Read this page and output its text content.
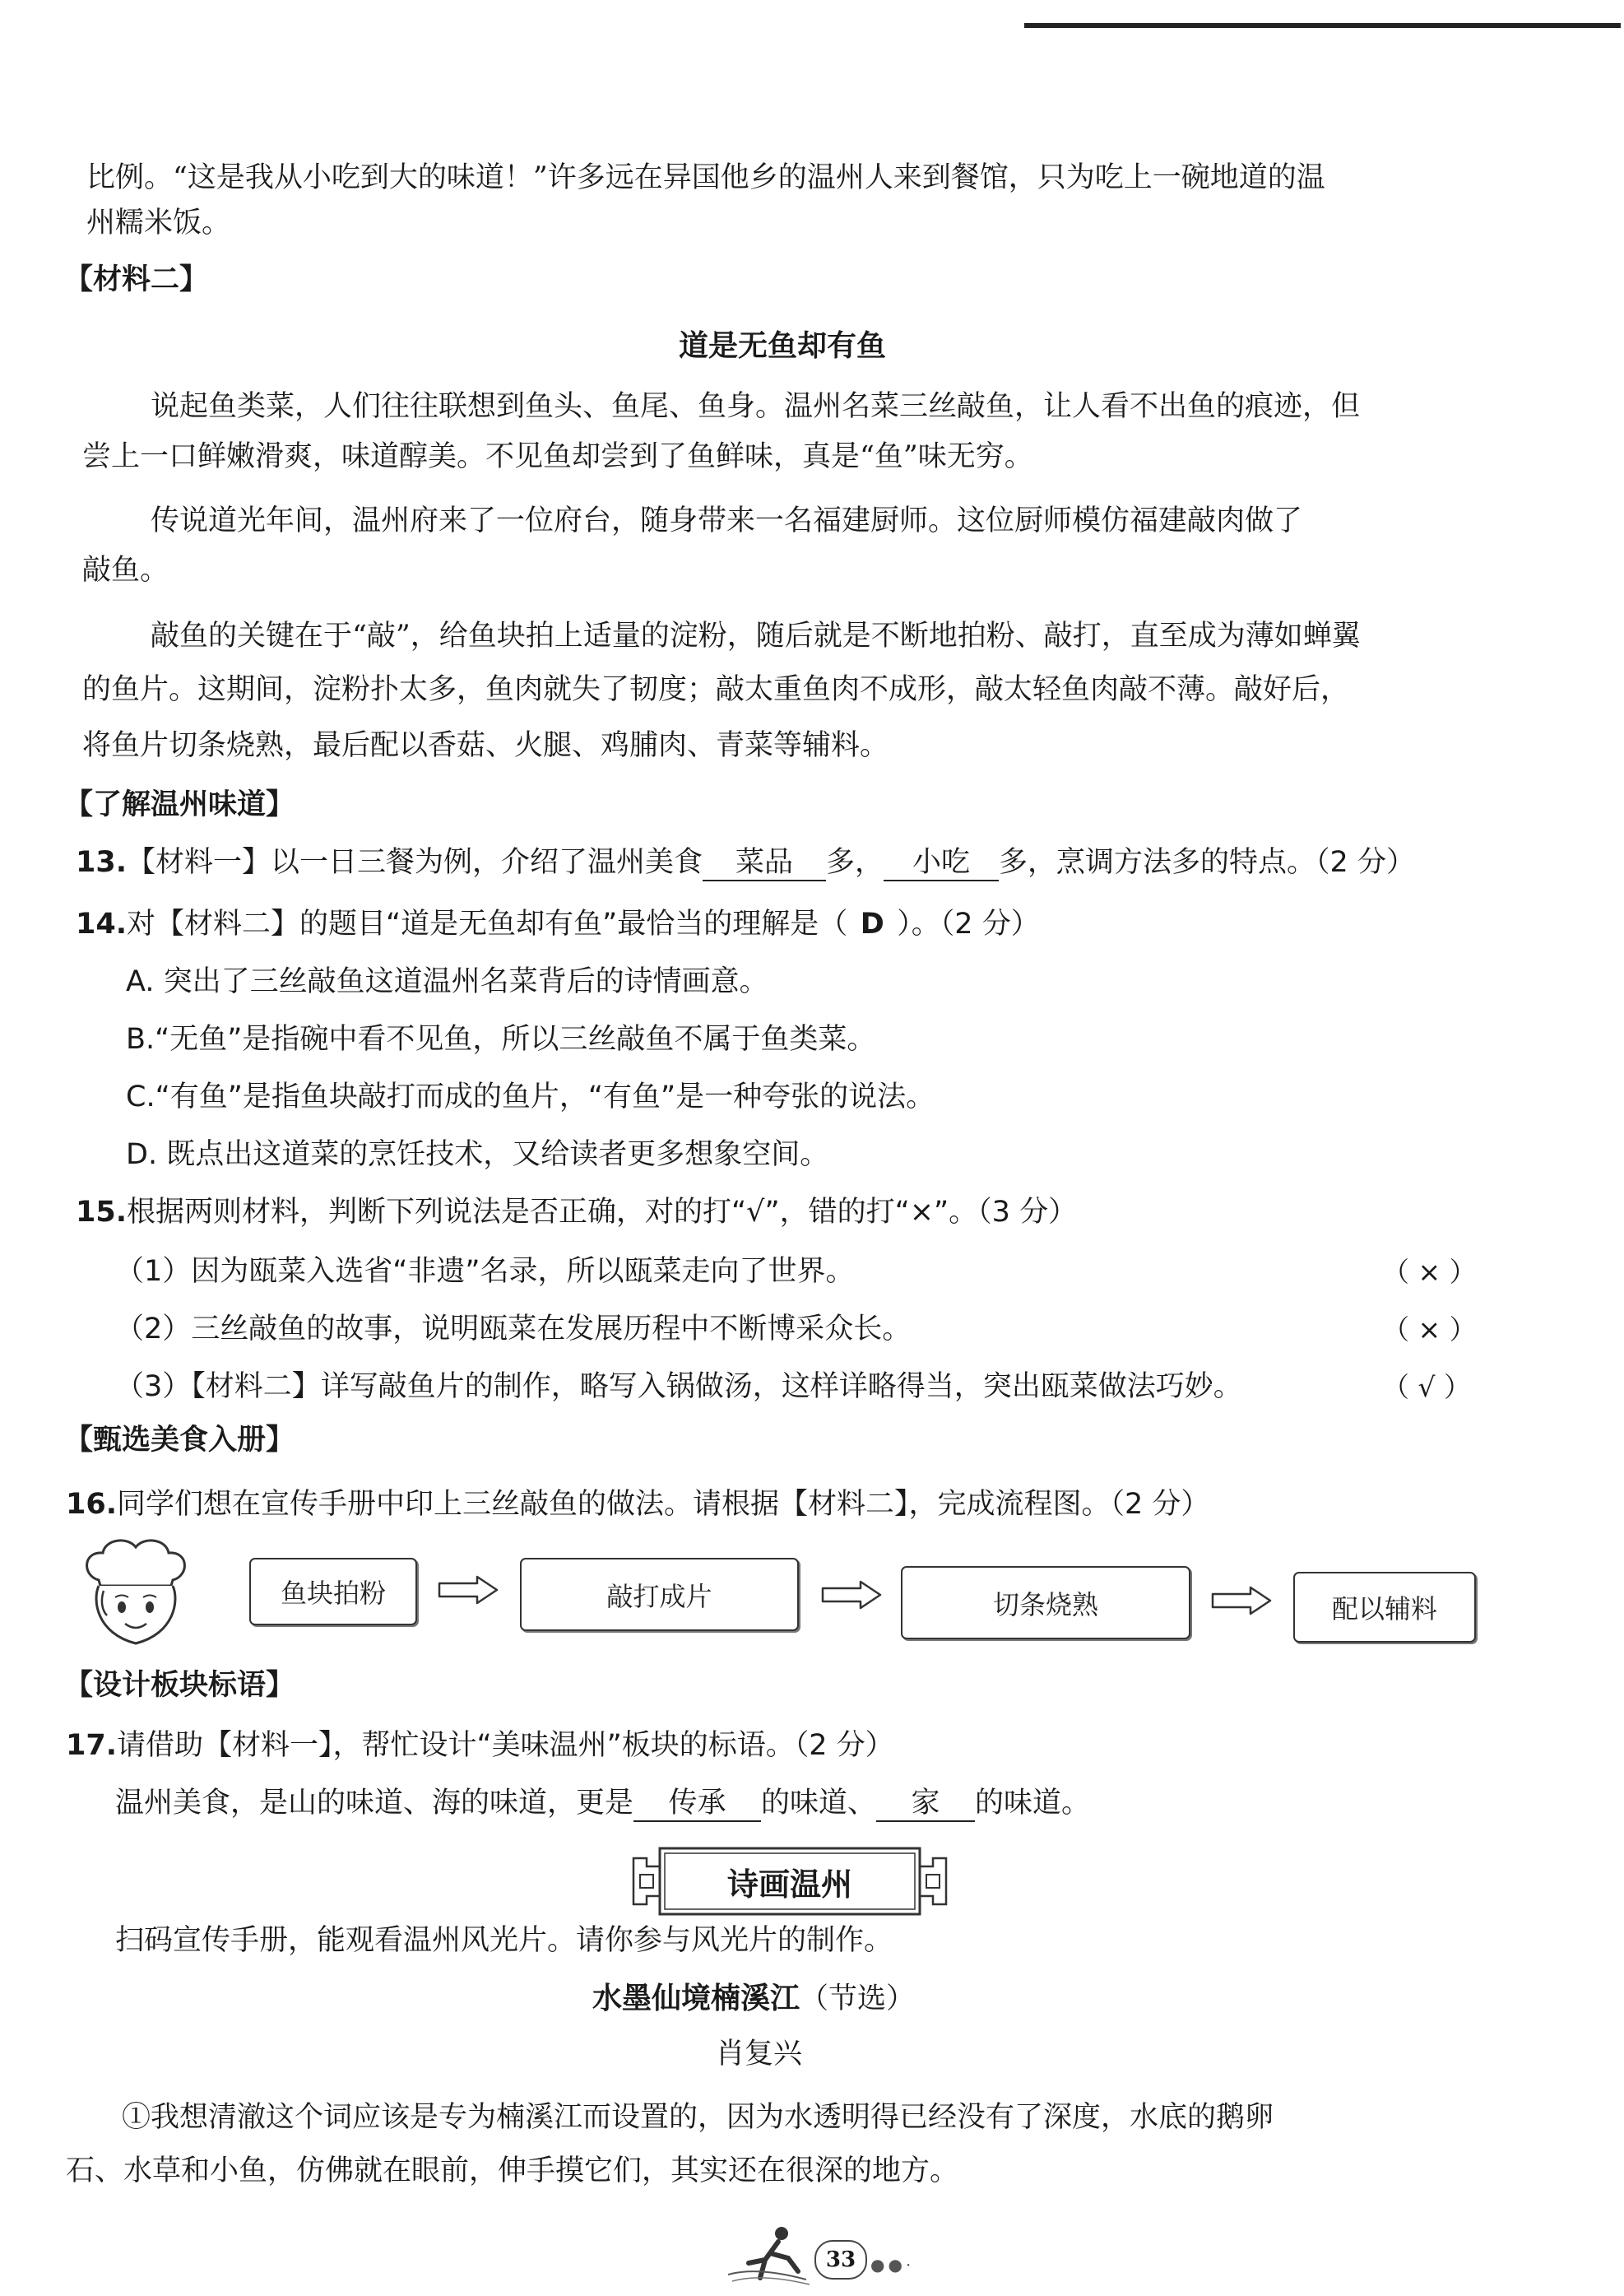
比例。“这是我从小吃到大的味道！”许多远在异国他乡的温州人来到餐馆，只为吃上一碗地道的温
州糯米饭。
【材料二】
道是无鱼却有鱼
说起鱼类菜，人们往往联想到鱼头、鱼尾、鱼身。温州名菜三丝敲鱼，让人看不出鱼的痕迹，但
尝上一口鲜嫩滑爽，味道醇美。不见鱼却尝到了鱼鲜味，真是“鱼”味无穷。
传说道光年间，温州府来了一位府台，随身带来一名福建厨师。这位厨师模仿福建敲肉做了
敲鱼。
敲鱼的关键在于“敲”，给鱼块拍上适量的淀粉，随后就是不断地拍粉、敲打，直至成为薄如蝉翼
的鱼片。这期间，淀粉扑太多，鱼肉就失了韧度；敲太重鱼肉不成形，敲太轻鱼肉敲不薄。敲好后，
将鱼片切条烧熟，最后配以香菇、火腿、鸡脯肉、青菜等辅料。
【了解温州味道】
13.【材料一】以一日三餐为例，介绍了温州美食 菜品 多， 小吃 多，烹调方法多的特点。（2 分）
14.对【材料二】的题目“道是无鱼却有鱼”最恰当的理解是（ D ）。（2 分）
A. 突出了三丝敲鱼这道温州名菜背后的诗情画意。
B.“无鱼”是指碗中看不见鱼，所以三丝敲鱼不属于鱼类菜。
C.“有鱼”是指鱼块敲打而成的鱼片，“有鱼”是一种夸张的说法。
D. 既点出这道菜的烹饪技术，又给读者更多想象空间。
15.根据两则材料，判断下列说法是否正确，对的打“√”，错的打“×”。（3 分）
（1）因为瓯菜入选省“非遗”名录，所以瓯菜走向了世界。	（ × ）
（2）三丝敲鱼的故事，说明瓯菜在发展历程中不断博采众长。	（ × ）
（3）【材料二】详写敲鱼片的制作，略写入锅做汤，这样详略得当，突出瓯菜做法巧妙。	（ √ ）
【甄选美食入册】
16.同学们想在宣传手册中印上三丝敲鱼的做法。请根据【材料二】，完成流程图。（2 分）
鱼块拍粉	敲打成片	切条烧熟	配以辅料
【设计板块标语】
17.请借助【材料一】，帮忙设计“美味温州”板块的标语。（2 分）
温州美食，是山的味道、海的味道，更是 传承 的味道、 家 的味道。
诗画温州
扫码宣传手册，能观看温州风光片。请你参与风光片的制作。
水墨仙境楠溪江（节选）
肖复兴
①我想清澈这个词应该是专为楠溪江而设置的，因为水透明得已经没有了深度，水底的鹅卵
石、水草和小鱼，仿佛就在眼前，伸手摸它们，其实还在很深的地方。
33 ●●·
